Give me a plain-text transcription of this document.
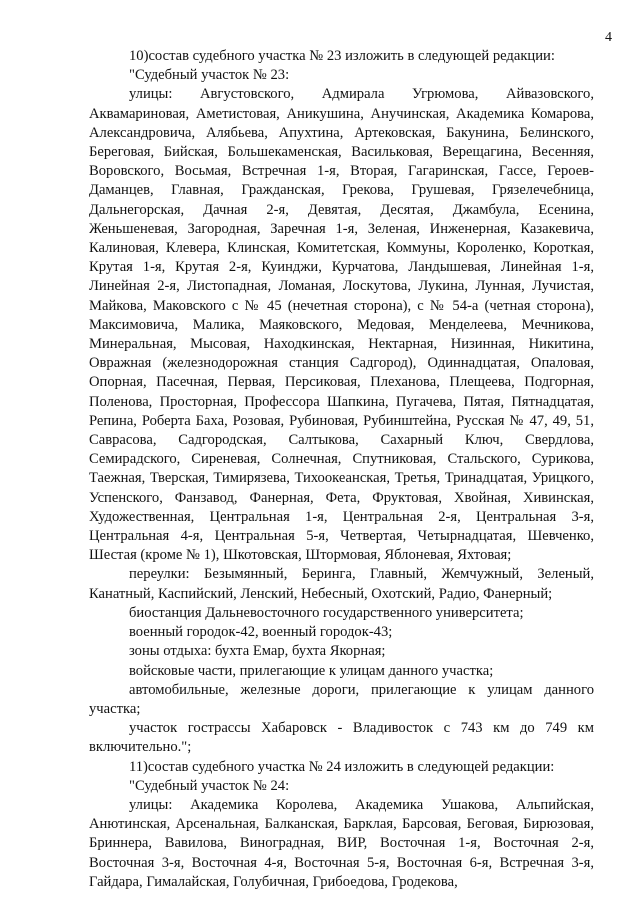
4

10)состав судебного участка № 23 изложить в следующей редакции:

"Судебный участок № 23:

улицы: Августовского, Адмирала Угрюмова, Айвазовского, Аквамариновая, Аметистовая, Аникушина, Анучинская, Академика Комарова, Александровича, Алябьева, Апухтина, Артековская, Бакунина, Белинского, Береговая, Бийская, Большекаменская, Васильковая, Верещагина, Весенняя, Воровского, Восьмая, Встречная 1-я, Вторая, Гагаринская, Гассе, Героев-Даманцев, Главная, Гражданская, Грекова, Грушевая, Грязелечебница, Дальнегорская, Дачная 2-я, Девятая, Десятая, Джамбула, Есенина, Женьшеневая, Загородная, Заречная 1-я, Зеленая, Инженерная, Казакевича, Калиновая, Клевера, Клинская, Комитетская, Коммуны, Короленко, Короткая, Крутая 1-я, Крутая 2-я, Куинджи, Курчатова, Ландышевая, Линейная 1-я, Линейная 2-я, Листопадная, Ломаная, Лоскутова, Лукина, Лунная, Лучистая, Майкова, Маковского с № 45 (нечетная сторона), с № 54-а (четная сторона), Максимовича, Малика, Маяковского, Медовая, Менделеева, Мечникова, Минеральная, Мысовая, Находкинская, Нектарная, Низинная, Никитина, Овражная (железнодорожная станция Садгород), Одиннадцатая, Опаловая, Опорная, Пасечная, Первая, Персиковая, Плеханова, Плещеева, Подгорная, Поленова, Просторная, Профессора Шапкина, Пугачева, Пятая, Пятнадцатая, Репина, Роберта Баха, Розовая, Рубиновая, Рубинштейна, Русская № 47, 49, 51, Саврасова, Садгородская, Салтыкова, Сахарный Ключ, Свердлова, Семирадского, Сиреневая, Солнечная, Спутниковая, Стальского, Сурикова, Таежная, Тверская, Тимирязева, Тихоокеанская, Третья, Тринадцатая, Урицкого, Успенского, Фанзавод, Фанерная, Фета, Фруктовая, Хвойная, Хивинская, Художественная, Центральная 1-я, Центральная 2-я, Центральная 3-я, Центральная 4-я, Центральная 5-я, Четвертая, Четырнадцатая, Шевченко, Шестая (кроме № 1), Шкотовская, Штормовая, Яблоневая, Яхтовая;

переулки: Безымянный, Беринга, Главный, Жемчужный, Зеленый, Канатный, Каспийский, Ленский, Небесный, Охотский, Радио, Фанерный;

биостанция Дальневосточного государственного университета;

военный городок-42, военный городок-43;

зоны отдыха: бухта Емар, бухта Якорная;

войсковые части, прилегающие к улицам данного участка;

автомобильные, железные дороги, прилегающие к улицам данного участка;

участок гострассы Хабаровск - Владивосток с 743 км до 749 км включительно.";

11)состав судебного участка № 24 изложить в следующей редакции:

"Судебный участок № 24:

улицы: Академика Королева, Академика Ушакова, Альпийская, Анютинская, Арсенальная, Балканская, Барклая, Барсовая, Беговая, Бирюзовая, Бриннера, Вавилова, Виноградная, ВИР, Восточная 1-я, Восточная 2-я, Восточная 3-я, Восточная 4-я, Восточная 5-я, Восточная 6-я, Встречная 3-я, Гайдара, Гималайская, Голубичная, Грибоедова, Гродекова,
